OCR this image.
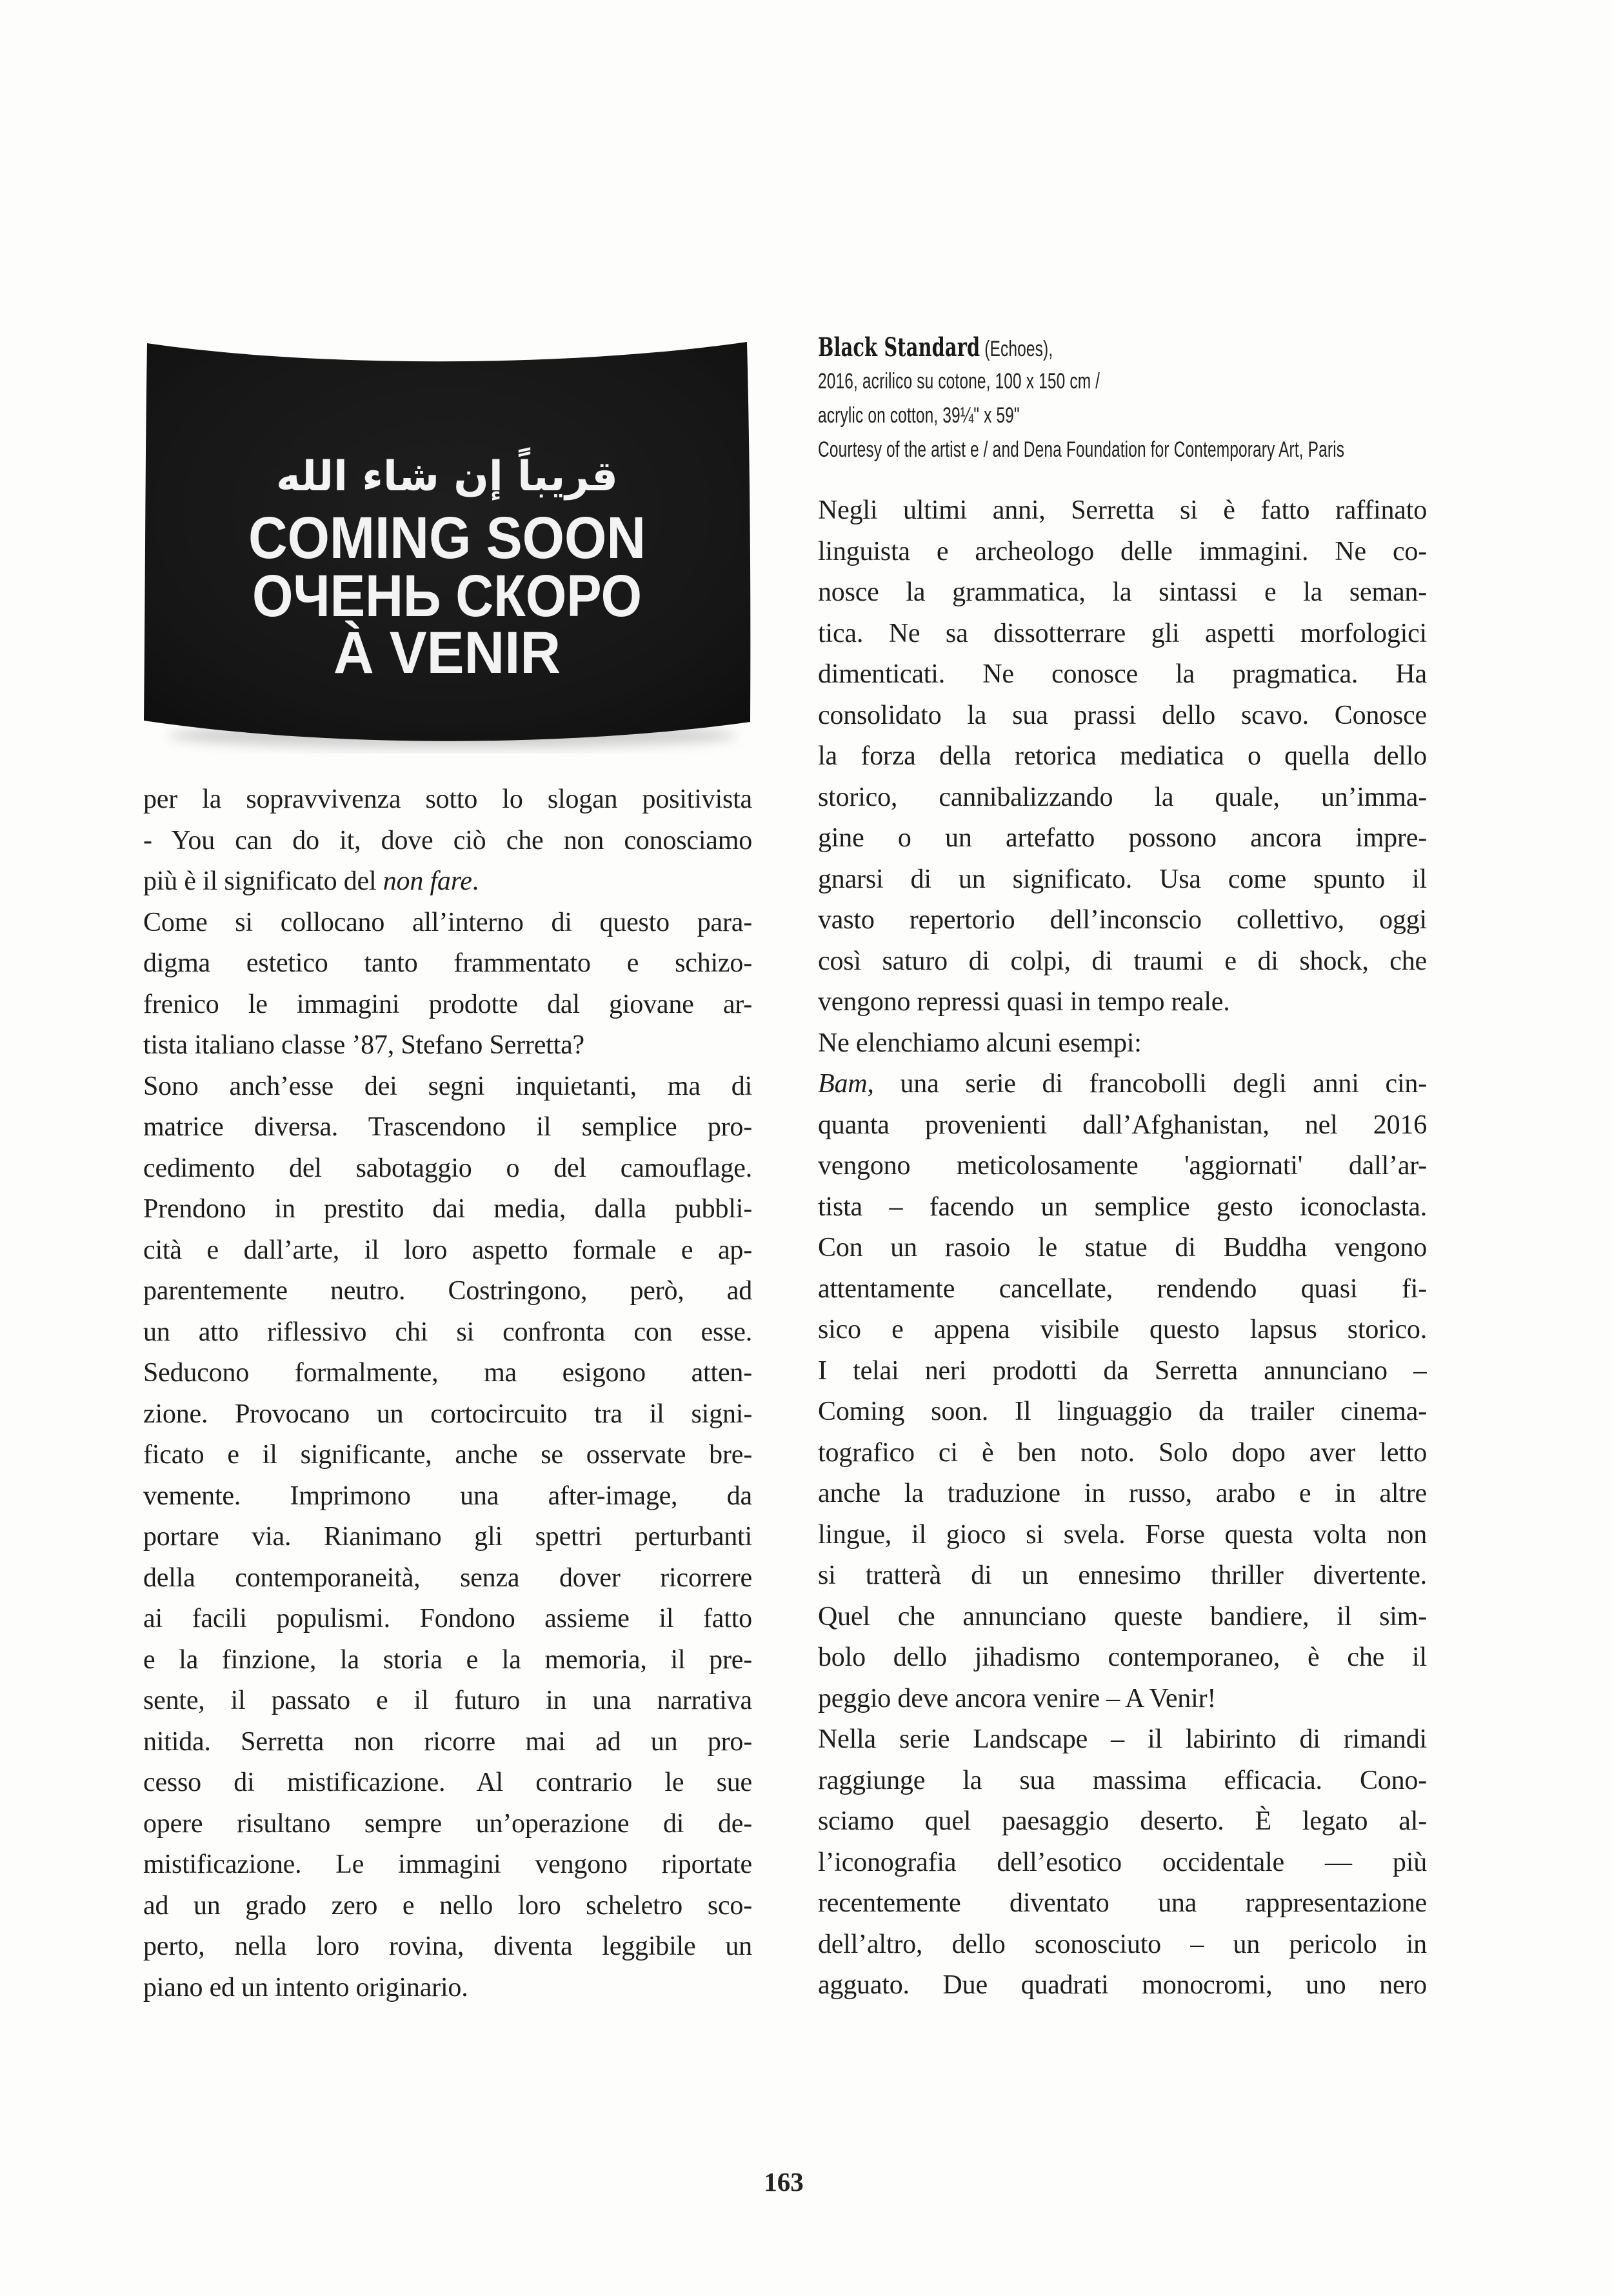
قريباً إن شاء الله
COMING SOON
ОЧЕНЬ СКОРО
À VENIR
Black Standard (Echoes),
2016, acrilico su cotone, 100 x 150 cm /
acrylic on cotton, 39¼" x 59"
Courtesy of the artist e / and Dena Foundation for Contemporary Art, Paris
per la sopravvivenza sotto lo slogan positivista
- You can do it, dove ciò che non conosciamo
più è il significato del non fare.
Come si collocano all’interno di questo para-
digma estetico tanto frammentato e schizo-
frenico le immagini prodotte dal giovane ar-
tista italiano classe ’87, Stefano Serretta?
Sono anch’esse dei segni inquietanti, ma di
matrice diversa. Trascendono il semplice pro-
cedimento del sabotaggio o del camouflage.
Prendono in prestito dai media, dalla pubbli-
cità e dall’arte, il loro aspetto formale e ap-
parentemente neutro. Costringono, però, ad
un atto riflessivo chi si confronta con esse.
Seducono formalmente, ma esigono atten-
zione. Provocano un cortocircuito tra il signi-
ficato e il significante, anche se osservate bre-
vemente. Imprimono una after-image, da
portare via. Rianimano gli spettri perturbanti
della contemporaneità, senza dover ricorrere
ai facili populismi. Fondono assieme il fatto
e la finzione, la storia e la memoria, il pre-
sente, il passato e il futuro in una narrativa
nitida. Serretta non ricorre mai ad un pro-
cesso di mistificazione. Al contrario le sue
opere risultano sempre un’operazione di de-
mistificazione. Le immagini vengono riportate
ad un grado zero e nello loro scheletro sco-
perto, nella loro rovina, diventa leggibile un
piano ed un intento originario.
Negli ultimi anni, Serretta si è fatto raffinato
linguista e archeologo delle immagini. Ne co-
nosce la grammatica, la sintassi e la seman-
tica. Ne sa dissotterrare gli aspetti morfologici
dimenticati. Ne conosce la pragmatica. Ha
consolidato la sua prassi dello scavo. Conosce
la forza della retorica mediatica o quella dello
storico, cannibalizzando la quale, un’imma-
gine o un artefatto possono ancora impre-
gnarsi di un significato. Usa come spunto il
vasto repertorio dell’inconscio collettivo, oggi
così saturo di colpi, di traumi e di shock, che
vengono repressi quasi in tempo reale.
Ne elenchiamo alcuni esempi:
Bam, una serie di francobolli degli anni cin-
quanta provenienti dall’Afghanistan, nel 2016
vengono meticolosamente 'aggiornati' dall’ar-
tista – facendo un semplice gesto iconoclasta.
Con un rasoio le statue di Buddha vengono
attentamente cancellate, rendendo quasi fi-
sico e appena visibile questo lapsus storico.
I telai neri prodotti da Serretta annunciano –
Coming soon. Il linguaggio da trailer cinema-
tografico ci è ben noto. Solo dopo aver letto
anche la traduzione in russo, arabo e in altre
lingue, il gioco si svela. Forse questa volta non
si tratterà di un ennesimo thriller divertente.
Quel che annunciano queste bandiere, il sim-
bolo dello jihadismo contemporaneo, è che il
peggio deve ancora venire – A Venir!
Nella serie Landscape – il labirinto di rimandi
raggiunge la sua massima efficacia. Cono-
sciamo quel paesaggio deserto. È legato al-
l’iconografia dell’esotico occidentale — più
recentemente diventato una rappresentazione
dell’altro, dello sconosciuto – un pericolo in
agguato. Due quadrati monocromi, uno nero
163
